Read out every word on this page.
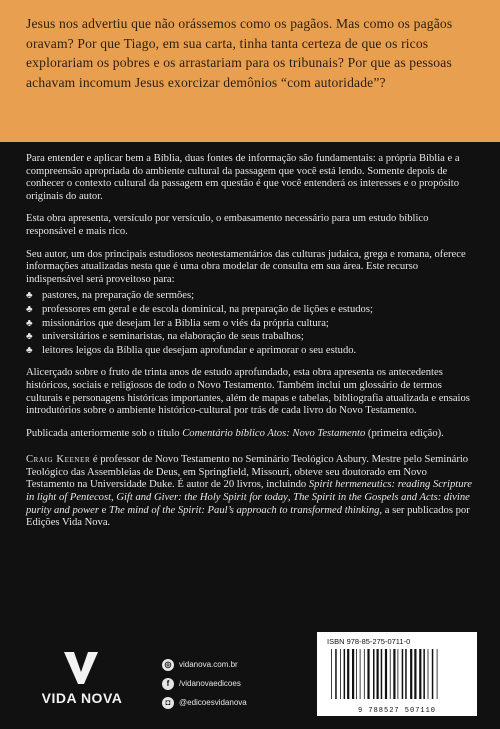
Jesus nos advertiu que não orássemos como os pagãos. Mas como os pagãos oravam? Por que Tiago, em sua carta, tinha tanta certeza de que os ricos explorariam os pobres e os arrastariam para os tribunais? Por que as pessoas achavam incomum Jesus exorcizar demônios “com autoridade”?

Para entender e aplicar bem a Bíblia, duas fontes de informação são fundamentais: a própria Bíblia e a compreensão apropriada do ambiente cultural da passagem que você está lendo. Somente depois de conhecer o contexto cultural da passagem em questão é que você entenderá os interesses e o propósito originais do autor.

Esta obra apresenta, versículo por versículo, o embasamento necessário para um estudo bíblico responsável e mais rico.

Seu autor, um dos principais estudiosos neotestamentários das culturas judaica, grega e romana, oferece informações atualizadas nesta que é uma obra modelar de consulta em sua área. Este recurso indispensável será proveitoso para:

♣ pastores, na preparação de sermões;
♣ professores em geral e de escola dominical, na preparação de lições e estudos;
♣ missionários que desejam ler a Bíblia sem o viés da própria cultura;
♣ universitários e seminaristas, na elaboração de seus trabalhos;
♣ leitores leigos da Bíblia que desejam aprofundar e aprimorar o seu estudo.

Alicerçado sobre o fruto de trinta anos de estudo aprofundado, esta obra apresenta os antecedentes históricos, sociais e religiosos de todo o Novo Testamento. Também inclui um glossário de termos culturais e personagens históricas importantes, além de mapas e tabelas, bibliografia atualizada e ensaios introdutórios sobre o ambiente histórico-cultural por trás de cada livro do Novo Testamento.

Publicada anteriormente sob o título Comentário bíblico Atos: Novo Testamento (primeira edição).

Craig Keener é professor de Novo Testamento no Seminário Teológico Asbury. Mestre pelo Seminário Teológico das Assembleias de Deus, em Springfield, Missouri, obteve seu doutorado em Novo Testamento na Universidade Duke. É autor de 20 livros, incluindo Spirit hermeneutics: reading Scripture in light of Pentecost, Gift and Giver: the Holy Spirit for today, The Spirit in the Gospels and Acts: divine purity and power e The mind of the Spirit: Paul’s approach to transformed thinking, a ser publicados por Edições Vida Nova.

VIDA NOVA
◎ vidanova.com.br
f	/vidanovaedicoes
◘	@edicoesvidanova
ISBN 978-85-275-0711-0
9 788527 507110
